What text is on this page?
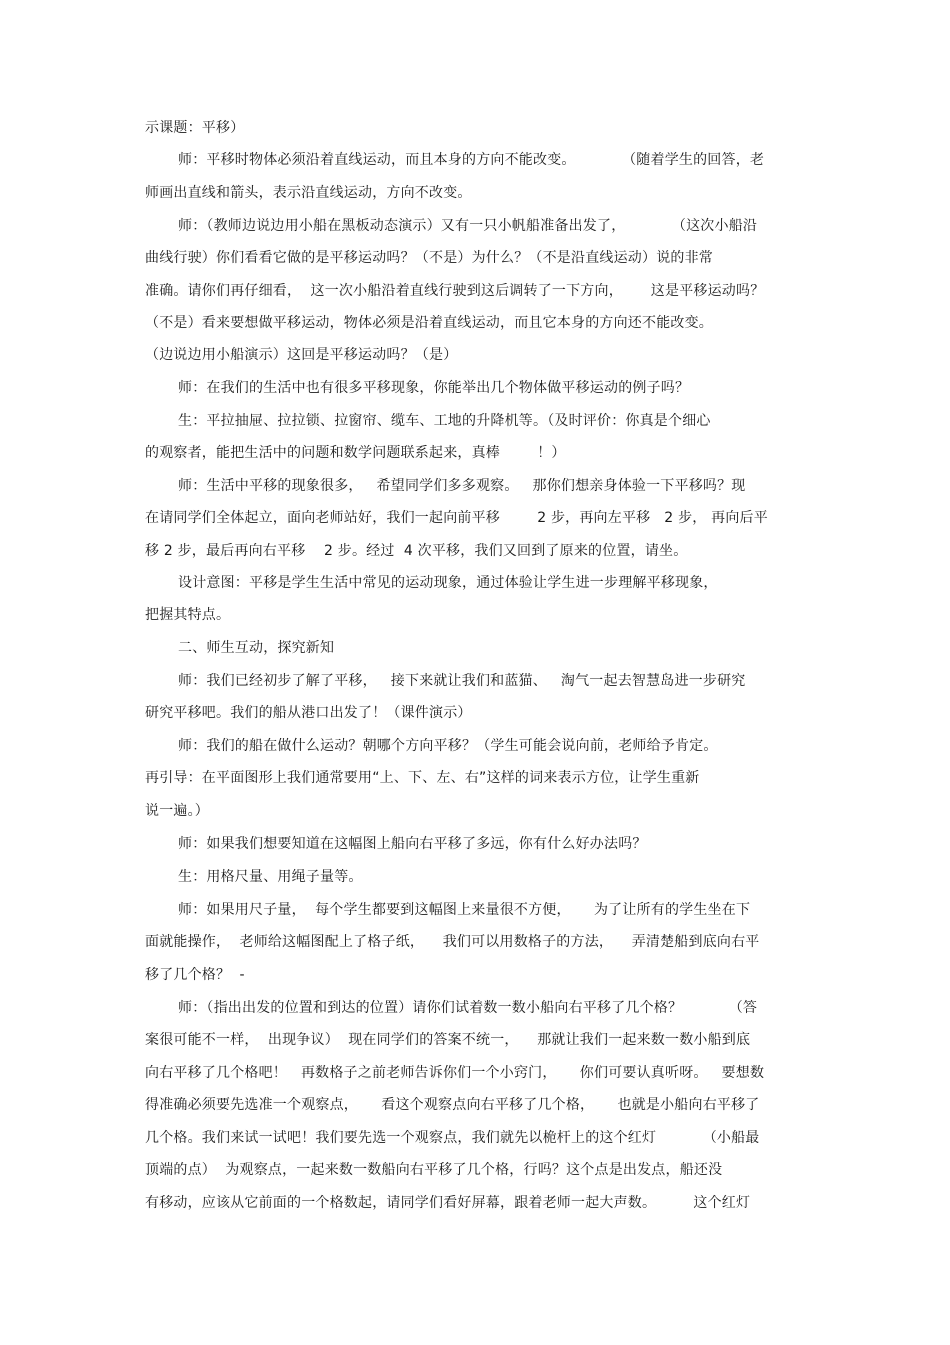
示课题：平移）
师：平移时物体必须沿着直线运动，而且本身的方向不能改变。          （随着学生的回答，老
师画出直线和箭头，表示沿直线运动，方向不改变。
师：（教师边说边用小船在黑板动态演示）又有一只小帆船准备出发了，          （这次小船沿
曲线行驶）你们看看它做的是平移运动吗？（不是）为什么？（不是沿直线运动）说的非常
准确。请你们再仔细看，  这一次小船沿着直线行驶到这后调转了一下方向，      这是平移运动吗？
（不是）看来要想做平移运动，物体必须是沿着直线运动，而且它本身的方向还不能改变。
（边说边用小船演示）这回是平移运动吗？（是）
师：在我们的生活中也有很多平移现象，你能举出几个物体做平移运动的例子吗？
生：平拉抽屉、拉拉锁、拉窗帘、缆车、工地的升降机等。（及时评价：你真是个细心
的观察者，能把生活中的问题和数学问题联系起来，真棒        ！）
师：生活中平移的现象很多，   希望同学们多多观察。   那你们想亲身体验一下平移吗？现
在请同学们全体起立，面向老师站好，我们一起向前平移        2 步，再向左平移   2 步， 再向后平
移 2 步，最后再向右平移    2 步。经过  4 次平移，我们又回到了原来的位置，请坐。
设计意图：平移是学生生活中常见的运动现象，通过体验让学生进一步理解平移现象，
把握其特点。
二、师生互动，探究新知
师：我们已经初步了解了平移，   接下来就让我们和蓝猫、   淘气一起去智慧岛进一步研究
研究平移吧。我们的船从港口出发了！（课件演示）
师：我们的船在做什么运动？朝哪个方向平移？（学生可能会说向前，老师给予肯定。
再引导：在平面图形上我们通常要用“上、下、左、右”这样的词来表示方位，让学生重新
说一遍。）
师：如果我们想要知道在这幅图上船向右平移了多远，你有什么好办法吗？
生：用格尺量、用绳子量等。
师：如果用尺子量，  每个学生都要到这幅图上来量很不方便，     为了让所有的学生坐在下
面就能操作，  老师给这幅图配上了格子纸，    我们可以用数格子的方法，    弄清楚船到底向右平
移了几个格？  -
师：（指出出发的位置和到达的位置）请你们试着数一数小船向右平移了几个格？          （答
案很可能不一样，  出现争议）  现在同学们的答案不统一，    那就让我们一起来数一数小船到底
向右平移了几个格吧！   再数格子之前老师告诉你们一个小窍门，     你们可要认真听呀。   要想数
得准确必须要先选准一个观察点，     看这个观察点向右平移了几个格，     也就是小船向右平移了
几个格。我们来试一试吧！我们要先选一个观察点，我们就先以桅杆上的这个红灯          （小船最
顶端的点）  为观察点，一起来数一数船向右平移了几个格，行吗？这个点是出发点，船还没
有移动，应该从它前面的一个格数起，请同学们看好屏幕，跟着老师一起大声数。        这个红灯
